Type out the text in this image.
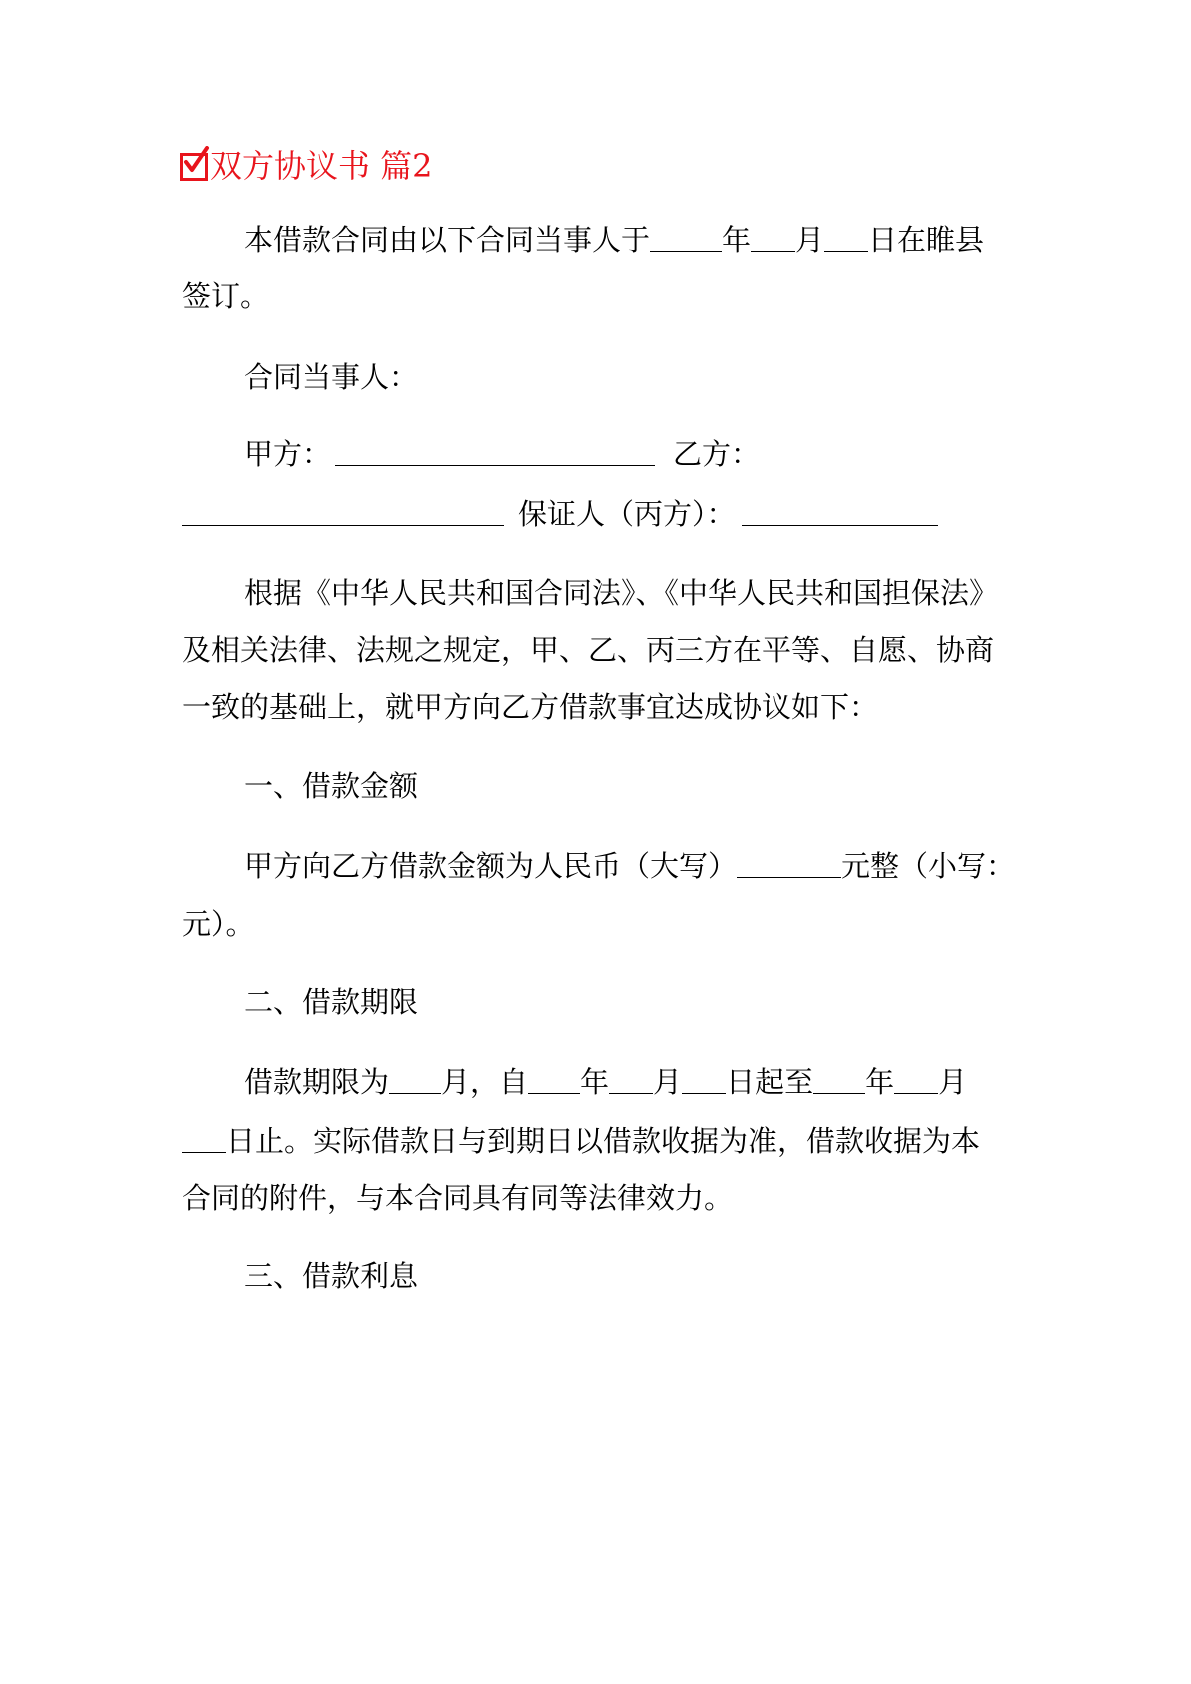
双方协议书 篇2
本借款合同由以下合同当事人于 年 月 日在睢县
签订。
合同当事人：
甲方：	乙方：
保证人（丙方）：
根据《中华人民共和国合同法》、《中华人民共和国担保法》
及相关法律、法规之规定，甲、乙、丙三方在平等、自愿、协商
一致的基础上，就甲方向乙方借款事宜达成协议如下：
一、借款金额
甲方向乙方借款金额为人民币（大写）	元整（小写：
元）。
二、借款期限
借款期限为 月，自 年 月 日起至 年 月
日止。实际借款日与到期日以借款收据为准，借款收据为本
合同的附件，与本合同具有同等法律效力。
三、借款利息
